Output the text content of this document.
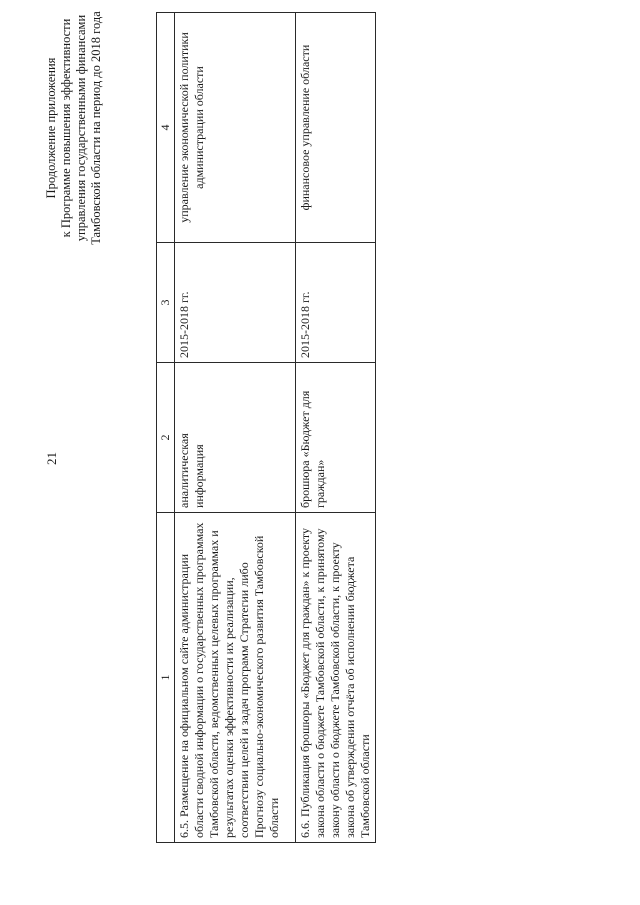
21
Продолжение приложения к Программе повышения эффективности управления государственными финансами Тамбовской области на период до 2018 года
1	2	3	4
6.5. Размещение на официальном сайте администрации области сводной информации о государственных программах Тамбовской области, ведомственных целевых программах и результатах оценки эффективности их реализации, соответствии целей и задач программ Стратегии либо Прогнозу социально-экономического развития Тамбовской области	аналитическая информация	2015-2018 гг.	управление экономической политики администрации области
6.6. Публикация брошюры «Бюджет для граждан» к проекту закона области о бюджете Тамбовской области, к принятому закону области о бюджете Тамбовской области, к проекту закона об утверждении отчёта об исполнении бюджета Тамбовской области	брошюра «Бюджет для граждан»	2015-2018 гг.	финансовое управление области
